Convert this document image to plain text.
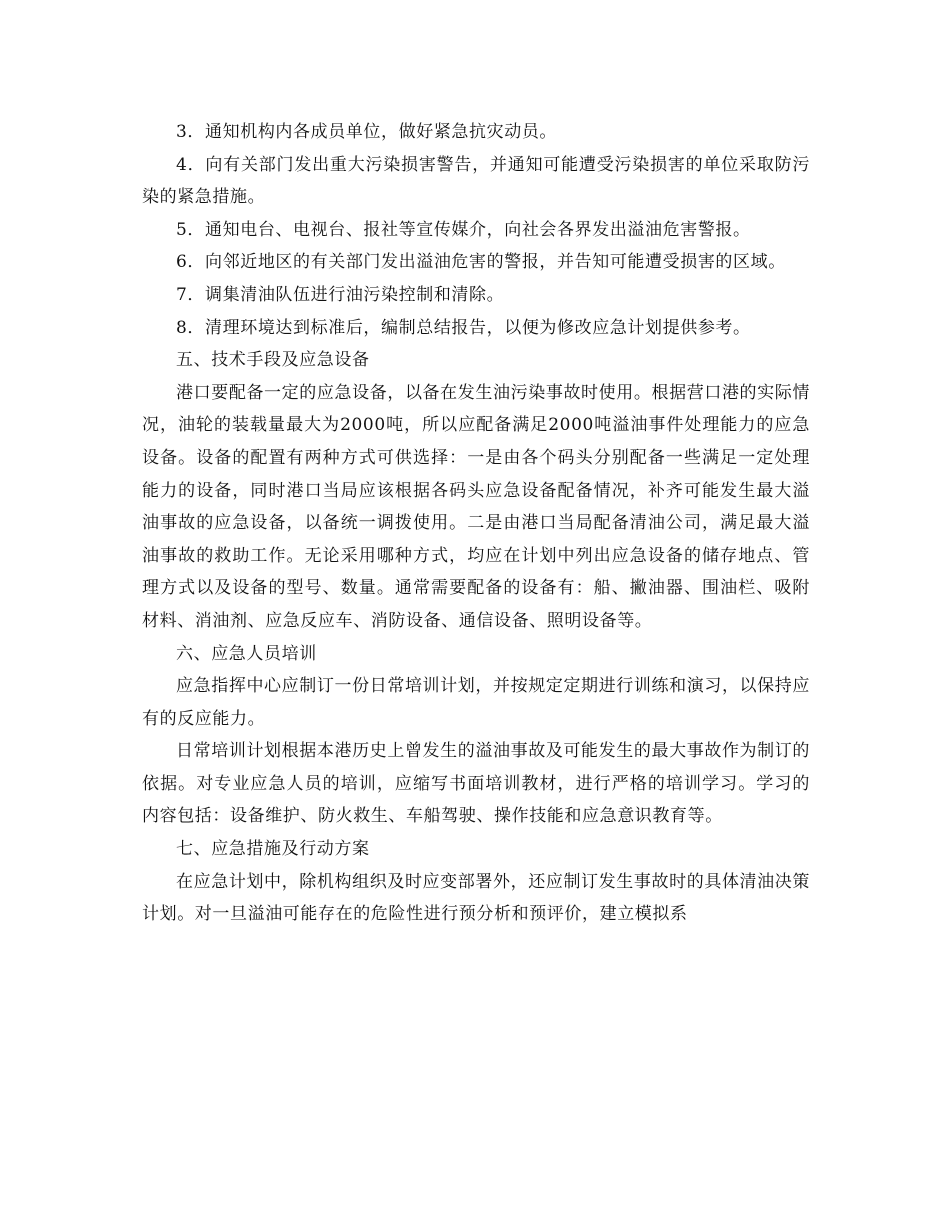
3．通知机构内各成员单位，做好紧急抗灾动员。

4．向有关部门发出重大污染损害警告，并通知可能遭受污染损害的单位采取防污染的紧急措施。

5．通知电台、电视台、报社等宣传媒介，向社会各界发出溢油危害警报。

6．向邻近地区的有关部门发出溢油危害的警报，并告知可能遭受损害的区域。

7．调集清油队伍进行油污染控制和清除。

8．清理环境达到标准后，编制总结报告，以便为修改应急计划提供参考。

五、技术手段及应急设备

港口要配备一定的应急设备，以备在发生油污染事故时使用。根据营口港的实际情况，油轮的装载量最大为2000吨，所以应配备满足2000吨溢油事件处理能力的应急设备。设备的配置有两种方式可供选择：一是由各个码头分别配备一些满足一定处理能力的设备，同时港口当局应该根据各码头应急设备配备情况，补齐可能发生最大溢油事故的应急设备，以备统一调拨使用。二是由港口当局配备清油公司，满足最大溢油事故的救助工作。无论采用哪种方式，均应在计划中列出应急设备的储存地点、管理方式以及设备的型号、数量。通常需要配备的设备有：船、撇油器、围油栏、吸附材料、消油剂、应急反应车、消防设备、通信设备、照明设备等。

六、应急人员培训

应急指挥中心应制订一份日常培训计划，并按规定定期进行训练和演习，以保持应有的反应能力。

日常培训计划根据本港历史上曾发生的溢油事故及可能发生的最大事故作为制订的依据。对专业应急人员的培训，应缩写书面培训教材，进行严格的培训学习。学习的内容包括：设备维护、防火救生、车船驾驶、操作技能和应急意识教育等。

七、应急措施及行动方案

在应急计划中，除机构组织及时应变部署外，还应制订发生事故时的具体清油决策计划。对一旦溢油可能存在的危险性进行预分析和预评价，建立模拟系
